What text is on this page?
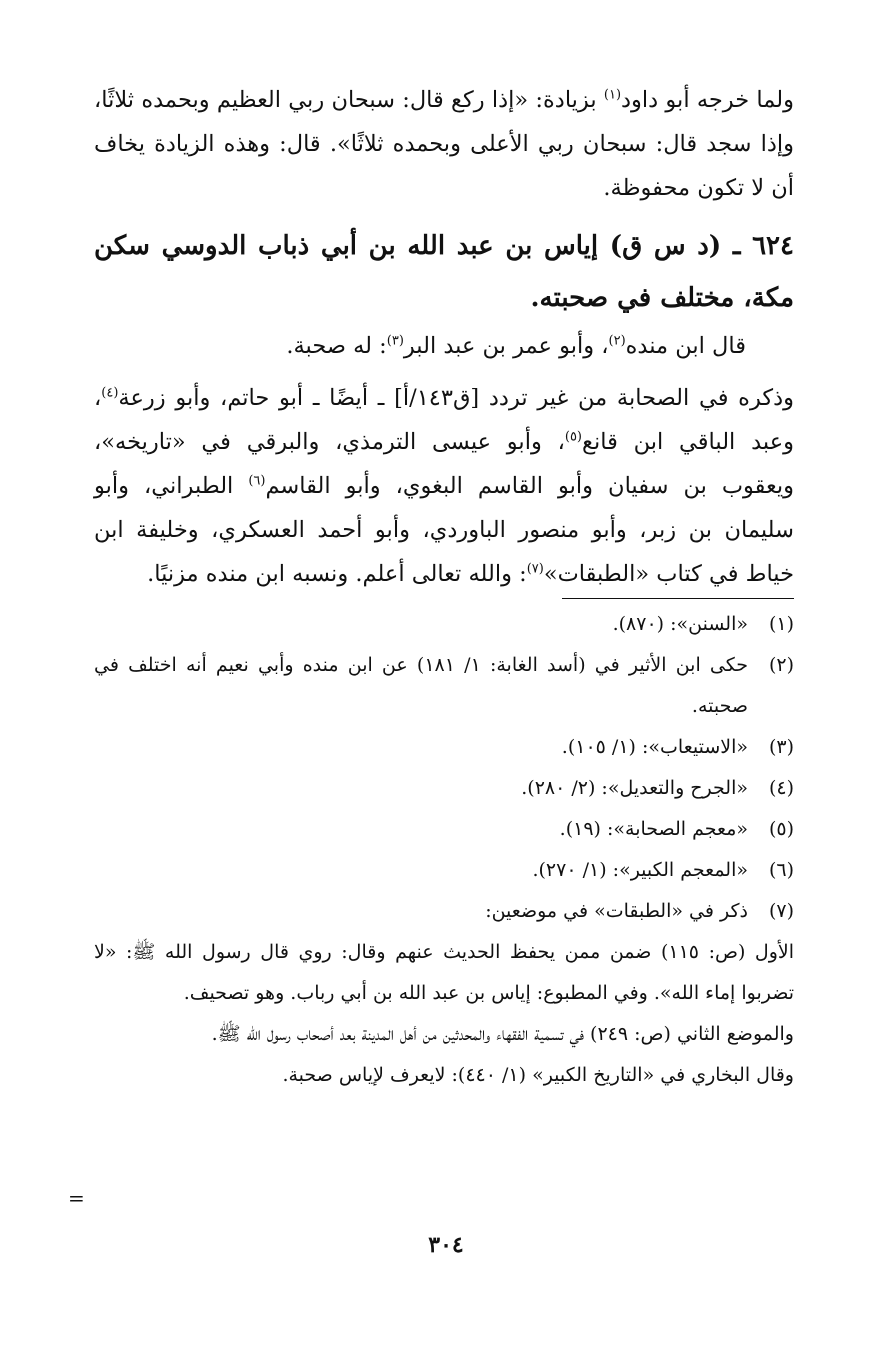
ولما خرجه أبو داود$^{(١)}$ بزيادة: «إذا ركع قال: سبحان ربي العظيم وبحمده ثلاثًا، وإذا سجد قال: سبحان ربي الأعلى وبحمده ثلاثًا». قال: وهذه الزيادة يخاف أن لا تكون محفوظة.

٦٢٤ ـ (د س ق) إياس بن عبد الله بن أبي ذباب الدوسي سكن مكة، مختلف في صحبته.

قال ابن منده$^{(٢)}$، وأبو عمر بن عبد البر$^{(٣)}$: له صحبة.

وذكره في الصحابة من غير تردد [ق١٤٣/أ] ـ أيضًا ـ أبو حاتم، وأبو زرعة$^{(٤)}$، وعبد الباقي ابن قانع$^{(٥)}$، وأبو عيسى الترمذي، والبرقي في «تاريخه»، ويعقوب بن سفيان وأبو القاسم البغوي، وأبو القاسم$^{(٦)}$ الطبراني، وأبو سليمان بن زبر، وأبو منصور الباوردي، وأبو أحمد العسكري، وخليفة ابن خياط في كتاب «الطبقات»$^{(٧)}$: والله تعالى أعلم. ونسبه ابن منده مزنيًا.

(١)
«السنن»: (٨٧٠).
(٢)
حكى ابن الأثير في (أسد الغابة: ١/ ١٨١) عن ابن منده وأبي نعيم أنه اختلف في صحبته.
(٣)
«الاستيعاب»: (١/ ١٠٥).
(٤)
«الجرح والتعديل»: (٢/ ٢٨٠).
(٥)
«معجم الصحابة»: (١٩).
(٦)
«المعجم الكبير»: (١/ ٢٧٠).
(٧)
ذكر في «الطبقات» في موضعين:
الأول (ص: ١١٥) ضمن ممن يحفظ الحديث عنهم وقال: روي قال رسول الله ﷺ: «لا تضربوا إماء الله». وفي المطبوع: إياس بن عبد الله بن أبي رباب. وهو تصحيف.
والموضع الثاني (ص: ٢٤٩) في تسمية الفقهاء والمحدثين من أهل المدينة بعد أصحاب رسول الله ﷺ.
وقال البخاري في «التاريخ الكبير» (١/ ٤٤٠): لايعرف لإياس صحبة.
=
٣٠٤
